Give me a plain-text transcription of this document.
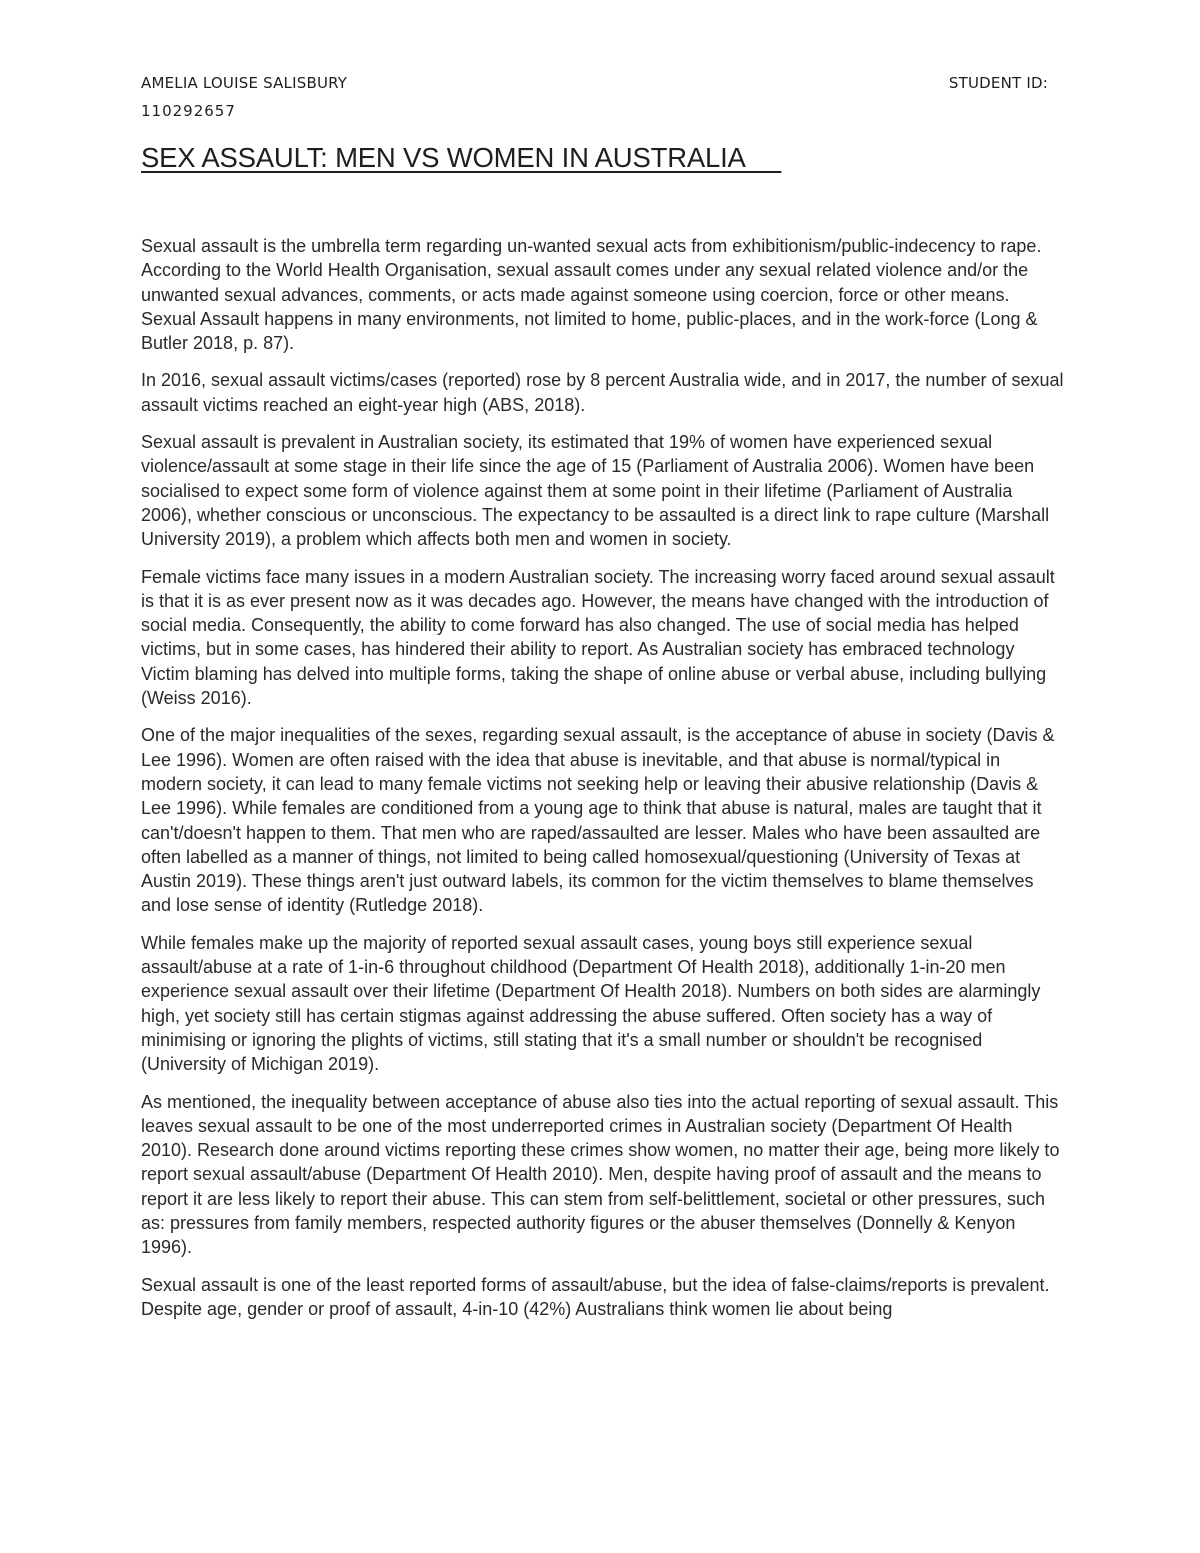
AMELIA LOUISE SALISBURY	STUDENT ID:
110292657
SEX ASSAULT: MEN VS WOMEN IN AUSTRALIA

Sexual assault is the umbrella term regarding un-wanted sexual acts from exhibitionism/public-indecency to rape. According to the World Health Organisation, sexual assault comes under any sexual related violence and/or the unwanted sexual advances, comments, or acts made against someone using coercion, force or other means. Sexual Assault happens in many environments, not limited to home, public-places, and in the work-force (Long & Butler 2018, p. 87).

In 2016, sexual assault victims/cases (reported) rose by 8 percent Australia wide, and in 2017, the number of sexual assault victims reached an eight-year high (ABS, 2018).

Sexual assault is prevalent in Australian society, its estimated that 19% of women have experienced sexual violence/assault at some stage in their life since the age of 15 (Parliament of Australia 2006). Women have been socialised to expect some form of violence against them at some point in their lifetime (Parliament of Australia 2006), whether conscious or unconscious. The expectancy to be assaulted is a direct link to rape culture (Marshall University 2019), a problem which affects both men and women in society.

Female victims face many issues in a modern Australian society. The increasing worry faced around sexual assault is that it is as ever present now as it was decades ago. However, the means have changed with the introduction of social media. Consequently, the ability to come forward has also changed. The use of social media has helped victims, but in some cases, has hindered their ability to report. As Australian society has embraced technology Victim blaming has delved into multiple forms, taking the shape of online abuse or verbal abuse, including bullying (Weiss 2016).

One of the major inequalities of the sexes, regarding sexual assault, is the acceptance of abuse in society (Davis & Lee 1996). Women are often raised with the idea that abuse is inevitable, and that abuse is normal/typical in modern society, it can lead to many female victims not seeking help or leaving their abusive relationship (Davis & Lee 1996). While females are conditioned from a young age to think that abuse is natural, males are taught that it can't/doesn't happen to them. That men who are raped/assaulted are lesser. Males who have been assaulted are often labelled as a manner of things, not limited to being called homosexual/questioning (University of Texas at Austin 2019). These things aren't just outward labels, its common for the victim themselves to blame themselves and lose sense of identity (Rutledge 2018).

While females make up the majority of reported sexual assault cases, young boys still experience sexual assault/abuse at a rate of 1-in-6 throughout childhood (Department Of Health 2018), additionally 1-in-20 men experience sexual assault over their lifetime (Department Of Health 2018). Numbers on both sides are alarmingly high, yet society still has certain stigmas against addressing the abuse suffered. Often society has a way of minimising or ignoring the plights of victims, still stating that it's a small number or shouldn't be recognised (University of Michigan 2019).

As mentioned, the inequality between acceptance of abuse also ties into the actual reporting of sexual assault. This leaves sexual assault to be one of the most underreported crimes in Australian society (Department Of Health 2010). Research done around victims reporting these crimes show women, no matter their age, being more likely to report sexual assault/abuse (Department Of Health 2010). Men, despite having proof of assault and the means to report it are less likely to report their abuse. This can stem from self-belittlement, societal or other pressures, such as: pressures from family members, respected authority figures or the abuser themselves (Donnelly & Kenyon 1996).

Sexual assault is one of the least reported forms of assault/abuse, but the idea of false-claims/reports is prevalent. Despite age, gender or proof of assault, 4-in-10 (42%) Australians think women lie about being
